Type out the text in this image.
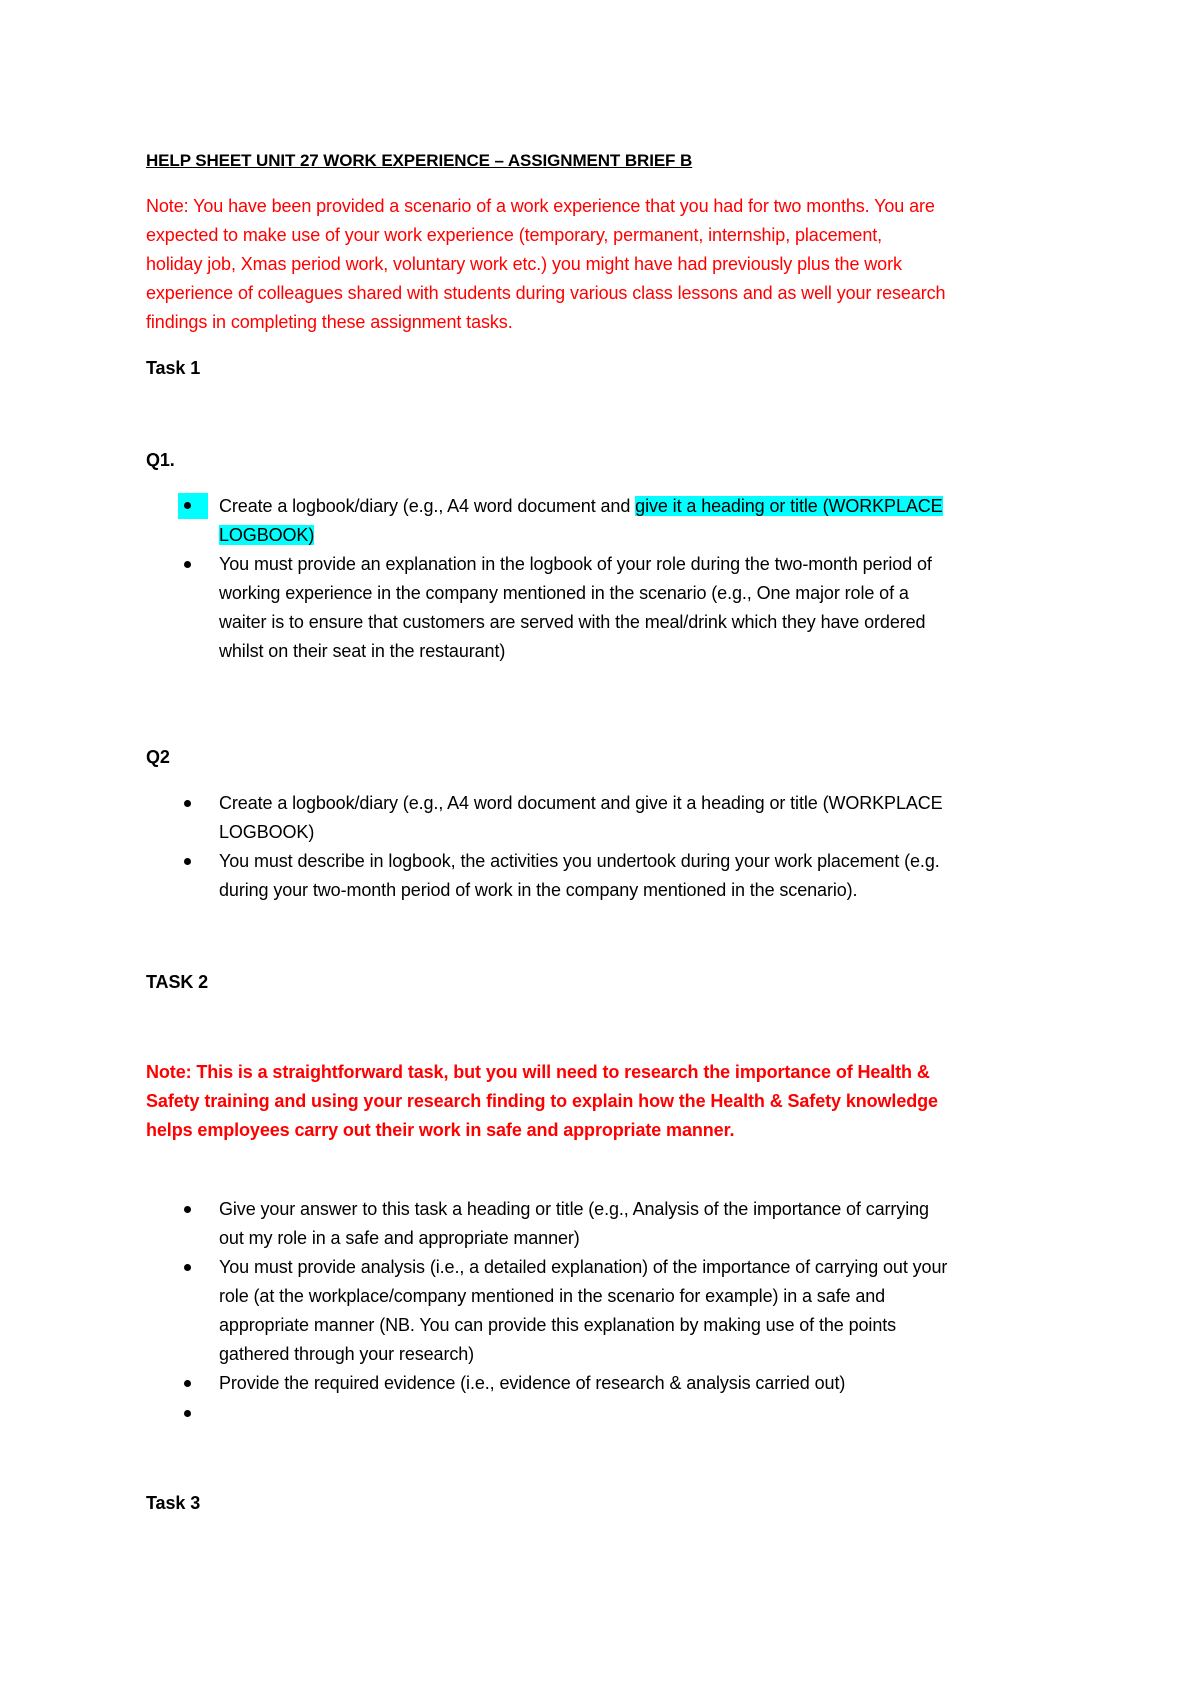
HELP SHEET UNIT 27 WORK EXPERIENCE – ASSIGNMENT BRIEF B
Note: You have been provided a scenario of a work experience that you had for two months. You are
expected to make use of your work experience (temporary, permanent, internship, placement,
holiday job, Xmas period work, voluntary work etc.) you might have had previously plus the work
experience of colleagues shared with students during various class lessons and as well your research
findings in completing these assignment tasks.
Task 1
Q1.
Create a logbook/diary (e.g., A4 word document and give it a heading or title (WORKPLACE
LOGBOOK)
You must provide an explanation in the logbook of your role during the two-month period of
working experience in the company mentioned in the scenario (e.g., One major role of a
waiter is to ensure that customers are served with the meal/drink which they have ordered
whilst on their seat in the restaurant)
Q2
Create a logbook/diary (e.g., A4 word document and give it a heading or title (WORKPLACE
LOGBOOK)
You must describe in logbook, the activities you undertook during your work placement (e.g.
during your two-month period of work in the company mentioned in the scenario).
TASK 2
Note: This is a straightforward task, but you will need to research the importance of Health &
Safety training and using your research finding to explain how the Health & Safety knowledge
helps employees carry out their work in safe and appropriate manner.
Give your answer to this task a heading or title (e.g., Analysis of the importance of carrying
out my role in a safe and appropriate manner)
You must provide analysis (i.e., a detailed explanation) of the importance of carrying out your
role (at the workplace/company mentioned in the scenario for example) in a safe and
appropriate manner (NB. You can provide this explanation by making use of the points
gathered through your research)
Provide the required evidence (i.e., evidence of research & analysis carried out)
Task 3
